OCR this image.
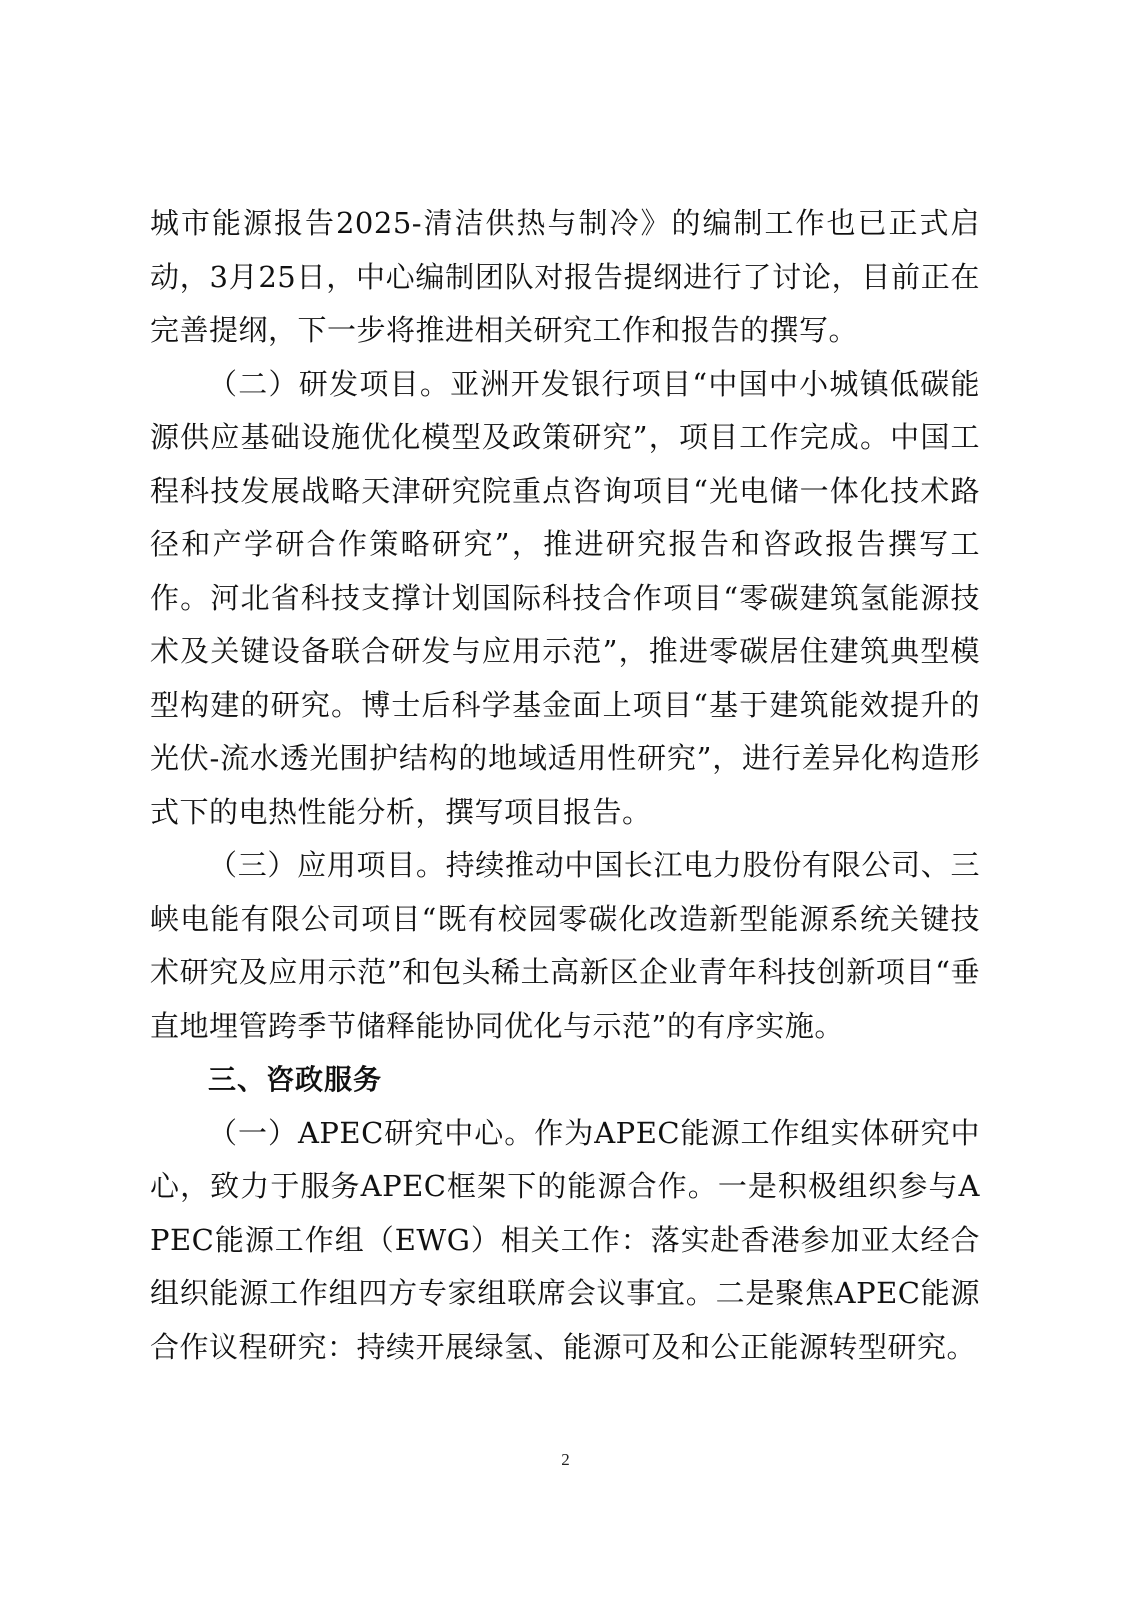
城市能源报告2025-清洁供热与制冷》的编制工作也已正式启动，3月25日，中心编制团队对报告提纲进行了讨论，目前正在完善提纲，下一步将推进相关研究工作和报告的撰写。

（二）研发项目。亚洲开发银行项目“中国中小城镇低碳能源供应基础设施优化模型及政策研究”，项目工作完成。中国工程科技发展战略天津研究院重点咨询项目“光电储一体化技术路径和产学研合作策略研究”，推进研究报告和咨政报告撰写工作。河北省科技支撑计划国际科技合作项目“零碳建筑氢能源技术及关键设备联合研发与应用示范”，推进零碳居住建筑典型模型构建的研究。博士后科学基金面上项目“基于建筑能效提升的光伏-流水透光围护结构的地域适用性研究”，进行差异化构造形式下的电热性能分析，撰写项目报告。

（三）应用项目。持续推动中国长江电力股份有限公司、三峡电能有限公司项目“既有校园零碳化改造新型能源系统关键技术研究及应用示范”和包头稀土高新区企业青年科技创新项目“垂直地埋管跨季节储释能协同优化与示范”的有序实施。

三、咨政服务

（一）APEC研究中心。作为APEC能源工作组实体研究中心，致力于服务APEC框架下的能源合作。一是积极组织参与APEC能源工作组（EWG）相关工作：落实赴香港参加亚太经合组织能源工作组四方专家组联席会议事宜。二是聚焦APEC能源合作议程研究：持续开展绿氢、能源可及和公正能源转型研究。

2
